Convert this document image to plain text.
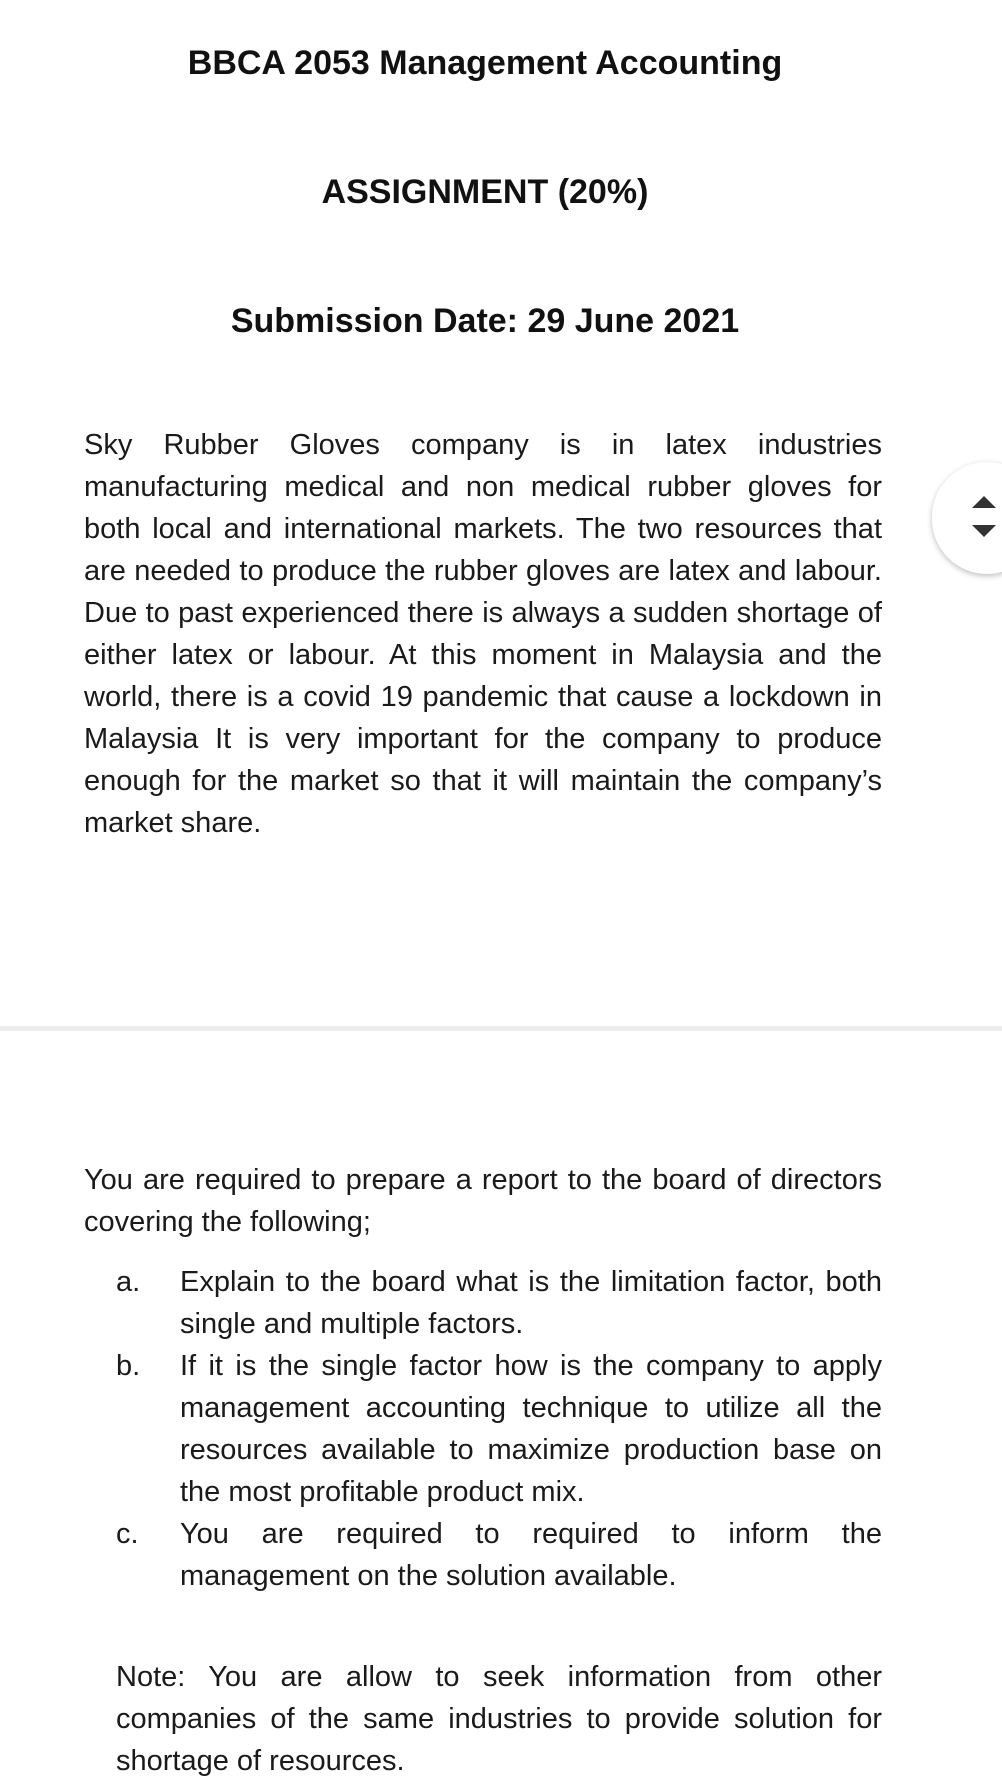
BBCA 2053 Management Accounting
ASSIGNMENT (20%)
Submission Date: 29 June 2021

Sky Rubber Gloves company is in latex industries manufacturing medical and non medical rubber gloves for both local and international markets. The two resources that are needed to produce the rubber gloves are latex and labour. Due to past experienced there is always a sudden shortage of either latex or labour. At this moment in Malaysia and the world, there is a covid 19 pandemic that cause a lockdown in Malaysia It is very important for the company to produce enough for the market so that it will maintain the company’s market share.

You are required to prepare a report to the board of directors covering the following;

a.	Explain to the board what is the limitation factor, both single and multiple factors.
b.	If it is the single factor how is the company to apply management accounting technique to utilize all the resources available to maximize production base on the most profitable product mix.
c.	You are required to required to inform the management on the solution available.

Note: You are allow to seek information from other companies of the same industries to provide solution for shortage of resources.
